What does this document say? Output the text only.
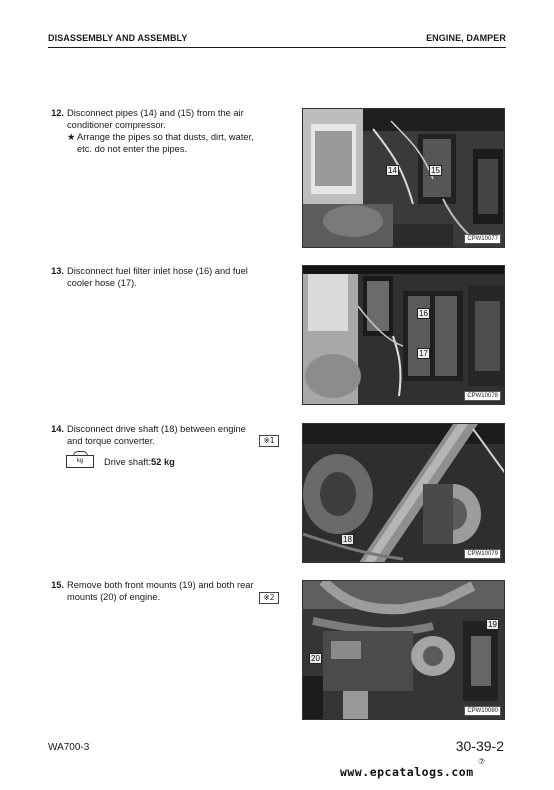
DISASSEMBLY AND ASSEMBLY	ENGINE, DAMPER
12. Disconnect pipes (14) and (15) from the air
conditioner compressor.
★ Arrange the pipes so that dusts, dirt, water,
etc. do not enter the pipes.
13. Disconnect fuel filter inlet hose (16) and fuel
cooler hose (17).
14. Disconnect drive shaft (18) between engine
and torque converter.	※1
kg	Drive shaft: 52 kg
15. Remove both front mounts (19) and both rear
mounts (20) of engine.	※2
14	15
CPW10077
16
17
CPW10078
18
CPW10079
20
19
CPW10080
WA700-3	30-39-2
⑦
www.epcatalogs.com
